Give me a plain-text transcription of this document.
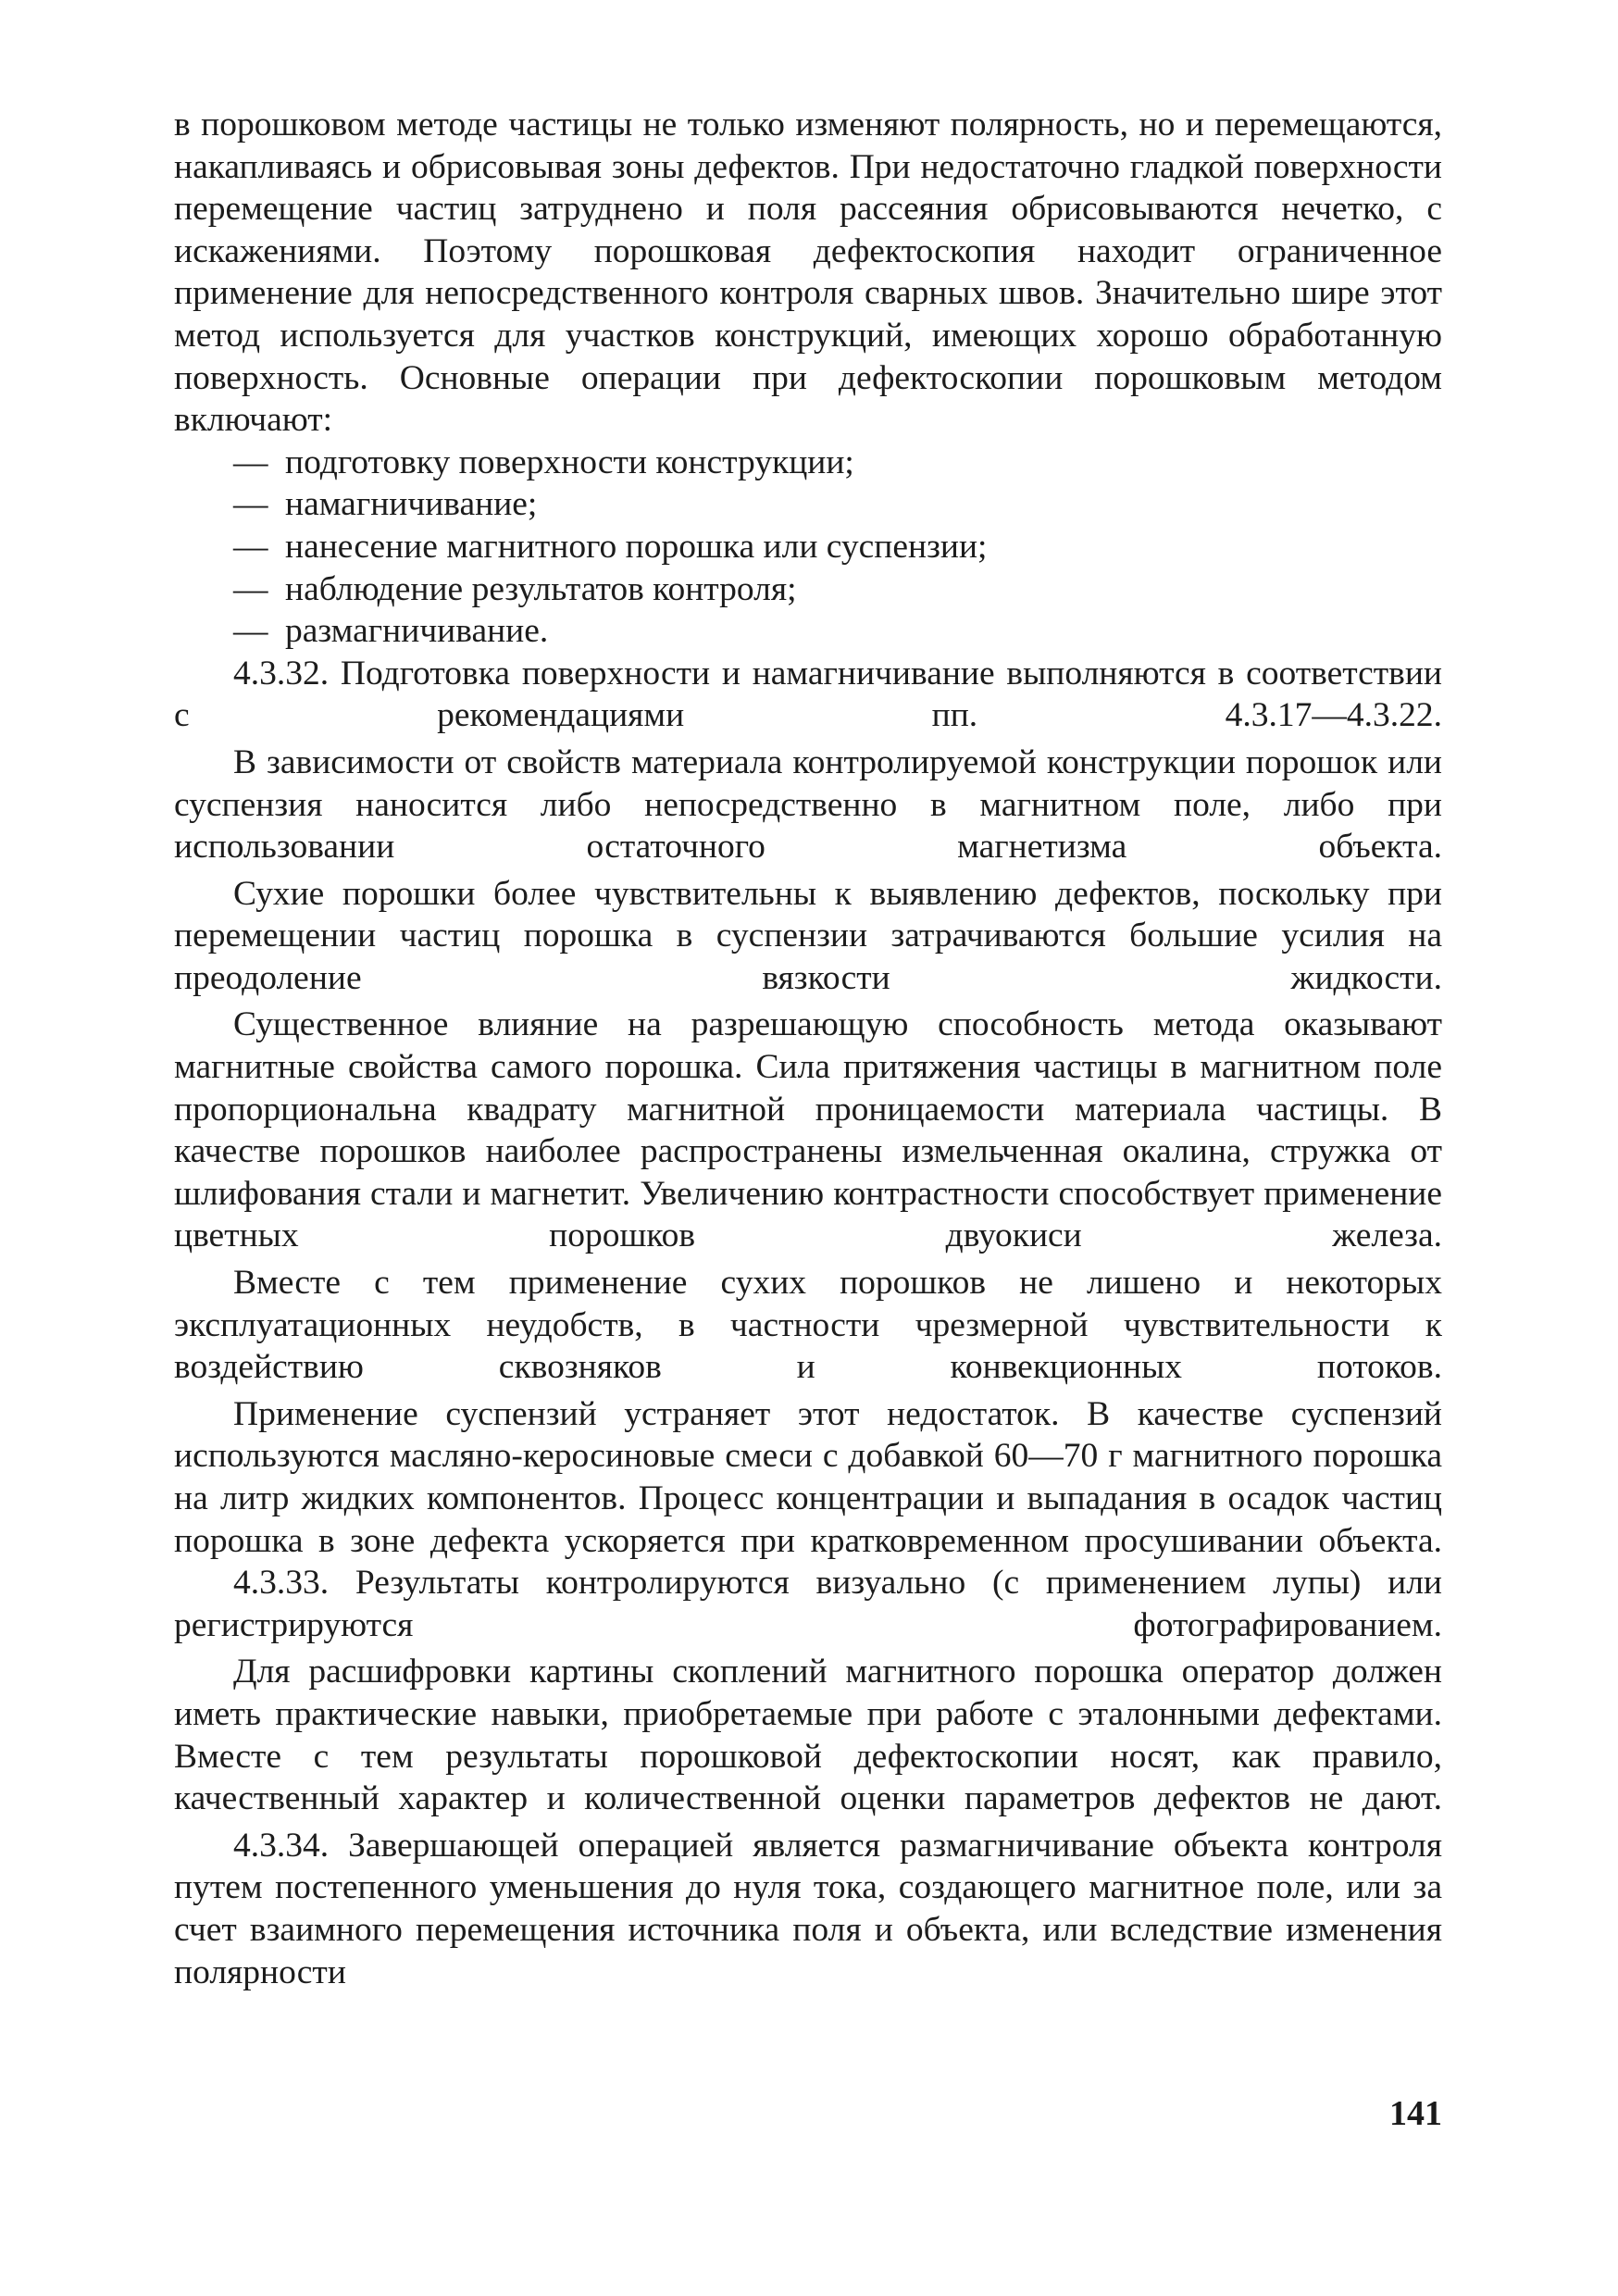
в порошковом методе частицы не только изменяют полярность, но и перемещаются, накапливаясь и обрисовывая зоны дефектов. При недостаточно гладкой поверхности перемещение частиц затруднено и поля рассеяния обрисовываются нечетко, с искажениями. Поэтому порошковая дефектоскопия находит ограниченное применение для непосредственного контроля сварных швов. Значительно шире этот метод используется для участков конструкций, имеющих хорошо обработанную поверхность. Основные операции при дефектоскопии порошковым методом включают:

— подготовку поверхности конструкции;
— намагничивание;
— нанесение магнитного порошка или суспензии;
— наблюдение результатов контроля;
— размагничивание.

4.3.32. Подготовка поверхности и намагничивание выполняются в соответствии с рекомендациями пп. 4.3.17—4.3.22.

В зависимости от свойств материала контролируемой конструкции порошок или суспензия наносится либо непосредственно в магнитном поле, либо при использовании остаточного магнетизма объекта.

Сухие порошки более чувствительны к выявлению дефектов, поскольку при перемещении частиц порошка в суспензии затрачиваются большие усилия на преодоление вязкости жидкости.

Существенное влияние на разрешающую способность метода оказывают магнитные свойства самого порошка. Сила притяжения частицы в магнитном поле пропорциональна квадрату магнитной проницаемости материала частицы. В качестве порошков наиболее распространены измельченная окалина, стружка от шлифования стали и магнетит. Увеличению контрастности способствует применение цветных порошков двуокиси железа.

Вместе с тем применение сухих порошков не лишено и некоторых эксплуатационных неудобств, в частности чрезмерной чувствительности к воздействию сквозняков и конвекционных потоков.

Применение суспензий устраняет этот недостаток. В качестве суспензий используются масляно-керосиновые смеси с добавкой 60—70 г магнитного порошка на литр жидких компонентов. Процесс концентрации и выпадания в осадок частиц порошка в зоне дефекта ускоряется при кратковременном просушивании объекта.

4.3.33. Результаты контролируются визуально (с применением лупы) или регистрируются фотографированием.

Для расшифровки картины скоплений магнитного порошка оператор должен иметь практические навыки, приобретаемые при работе с эталонными дефектами. Вместе с тем результаты порошковой дефектоскопии носят, как правило, качественный характер и количественной оценки параметров дефектов не дают.

4.3.34. Завершающей операцией является размагничивание объекта контроля путем постепенного уменьшения до нуля тока, создающего магнитное поле, или за счет взаимного перемещения источника поля и объекта, или вследствие изменения полярности

141
